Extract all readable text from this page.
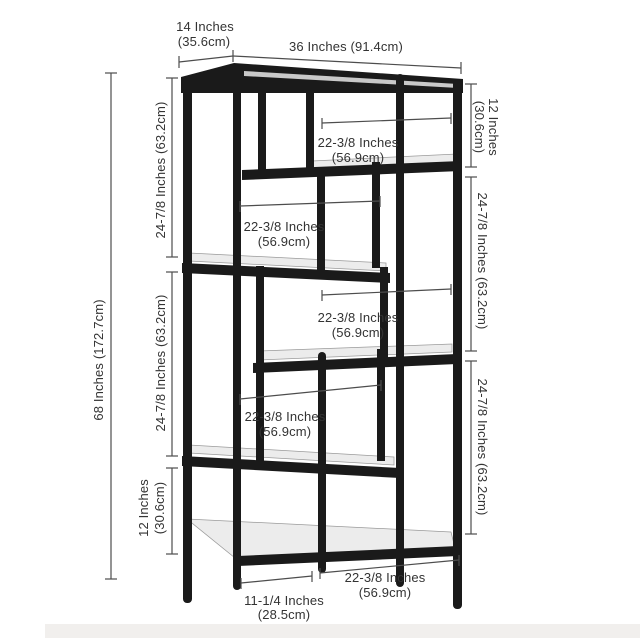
14 Inches
(35.6cm)	36 Inches (91.4cm)
68 Inches (172.7cm)
24-7/8 Inches (63.2cm)
24-7/8 Inches (63.2cm)
12 Inches (30.6cm)
12 Inches
(30.6cm)
24-7/8 Inches (63.2cm)
24-7/8 Inches (63.2cm)
22-3/8 Inches
(56.9cm)
22-3/8 Inches
(56.9cm)
22-3/8 Inches
(56.9cm)
22-3/8 Inches
(56.9cm)
22-3/8 Inches
(56.9cm)
11-1/4 Inches
(28.5cm)
